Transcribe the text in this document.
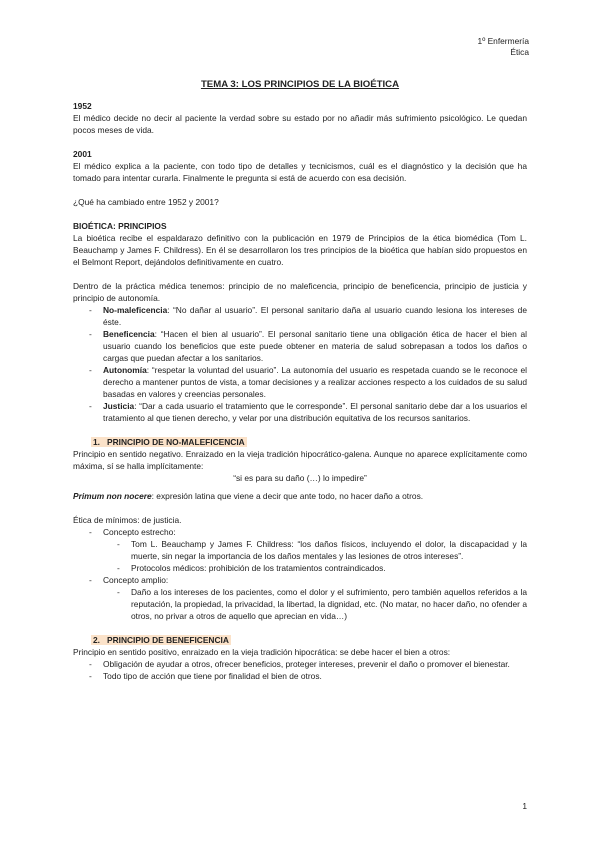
1º Enfermería
Ética
TEMA 3: LOS PRINCIPIOS DE LA BIOÉTICA
1952

El médico decide no decir al paciente la verdad sobre su estado por no añadir más sufrimiento psicológico. Le quedan pocos meses de vida.

2001

El médico explica a la paciente, con todo tipo de detalles y tecnicismos, cuál es el diagnóstico y la decisión que ha tomado para intentar curarla. Finalmente le pregunta si está de acuerdo con esa decisión.

¿Qué ha cambiado entre 1952 y 2001?

BIOÉTICA: PRINCIPIOS

La bioética recibe el espaldarazo definitivo con la publicación en 1979 de Principios de la ética biomédica (Tom L. Beauchamp y James F. Childress). En él se desarrollaron los tres principios de la bioética que habían sido propuestos en el Belmont Report, dejándolos definitivamente en cuatro.

Dentro de la práctica médica tenemos: principio de no maleficencia, principio de beneficencia, principio de justicia y principio de autonomía.

- No-maleficencia: “No dañar al usuario”. El personal sanitario daña al usuario cuando lesiona los intereses de éste.
- Beneficencia: “Hacen el bien al usuario”. El personal sanitario tiene una obligación ética de hacer el bien al usuario cuando los beneficios que este puede obtener en materia de salud sobrepasan a todos los daños o cargas que puedan afectar a los sanitarios.
- Autonomía: “respetar la voluntad del usuario”. La autonomía del usuario es respetada cuando se le reconoce el derecho a mantener puntos de vista, a tomar decisiones y a realizar acciones respecto a los cuidados de su salud basadas en valores y creencias personales.
- Justicia: “Dar a cada usuario el tratamiento que le corresponde”. El personal sanitario debe dar a los usuarios el tratamiento al que tienen derecho, y velar por una distribución equitativa de los recursos sanitarios.
1. PRINCIPIO DE NO-MALEFICENCIA

Principio en sentido negativo. Enraizado en la vieja tradición hipocrático-galena. Aunque no aparece explícitamente como máxima, sí se halla implícitamente:

“si es para su daño (…) lo impedire”

Primum non nocere: expresión latina que viene a decir que ante todo, no hacer daño a otros.

Ética de mínimos: de justicia.

- Concepto estrecho:
- Tom L. Beauchamp y James F. Childress: “los daños físicos, incluyendo el dolor, la discapacidad y la muerte, sin negar la importancia de los daños mentales y las lesiones de otros intereses”.
- Protocolos médicos: prohibición de los tratamientos contraindicados.
- Concepto amplio:
- Daño a los intereses de los pacientes, como el dolor y el sufrimiento, pero también aquellos referidos a la reputación, la propiedad, la privacidad, la libertad, la dignidad, etc. (No matar, no hacer daño, no ofender a otros, no privar a otros de aquello que aprecian en vida…)
2. PRINCIPIO DE BENEFICENCIA

Principio en sentido positivo, enraizado en la vieja tradición hipocrática: se debe hacer el bien a otros:

- Obligación de ayudar a otros, ofrecer beneficios, proteger intereses, prevenir el daño o promover el bienestar.
- Todo tipo de acción que tiene por finalidad el bien de otros.
1
